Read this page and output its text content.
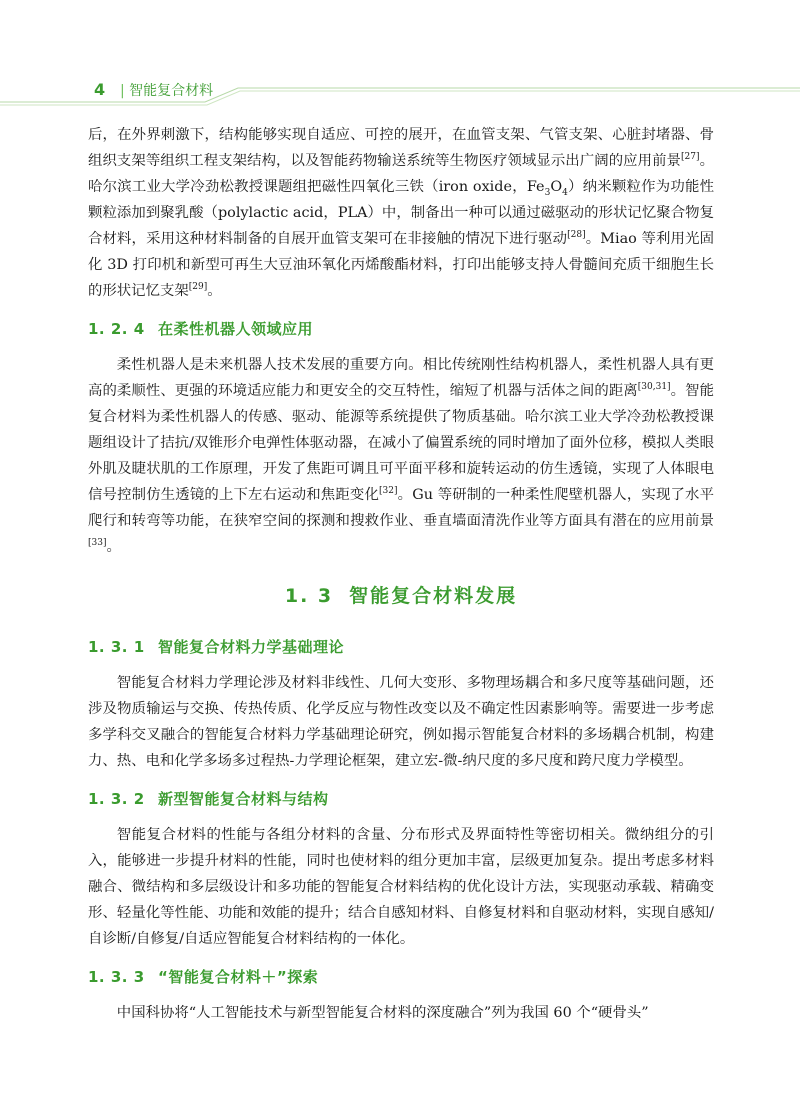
4
|	智能复合材料

后，在外界刺激下，结构能够实现自适应、可控的展开，在血管支架、气管支架、心脏封堵器、骨组织支架等组织工程支架结构，以及智能药物输送系统等生物医疗领域显示出广阔的应用前景[27]。哈尔滨工业大学冷劲松教授课题组把磁性四氧化三铁（iron oxide，$Fe_3O_4$）纳米颗粒作为功能性颗粒添加到聚乳酸（polylactic acid，PLA）中，制备出一种可以通过磁驱动的形状记忆聚合物复合材料，采用这种材料制备的自展开血管支架可在非接触的情况下进行驱动[28]。Miao 等利用光固化 3D 打印机和新型可再生大豆油环氧化丙烯酸酯材料，打印出能够支持人骨髓间充质干细胞生长的形状记忆支架[29]。

1. 2. 4 在柔性机器人领域应用

柔性机器人是未来机器人技术发展的重要方向。相比传统刚性结构机器人，柔性机器人具有更高的柔顺性、更强的环境适应能力和更安全的交互特性，缩短了机器与活体之间的距离[30,31]。智能复合材料为柔性机器人的传感、驱动、能源等系统提供了物质基础。哈尔滨工业大学冷劲松教授课题组设计了拮抗/双锥形介电弹性体驱动器，在减小了偏置系统的同时增加了面外位移，模拟人类眼外肌及睫状肌的工作原理，开发了焦距可调且可平面平移和旋转运动的仿生透镜，实现了人体眼电信号控制仿生透镜的上下左右运动和焦距变化[32]。Gu 等研制的一种柔性爬壁机器人，实现了水平爬行和转弯等功能，在狭窄空间的探测和搜救作业、垂直墙面清洗作业等方面具有潜在的应用前景[33]。

1. 3 智能复合材料发展
1. 3. 1 智能复合材料力学基础理论

智能复合材料力学理论涉及材料非线性、几何大变形、多物理场耦合和多尺度等基础问题，还涉及物质输运与交换、传热传质、化学反应与物性改变以及不确定性因素影响等。需要进一步考虑多学科交叉融合的智能复合材料力学基础理论研究，例如揭示智能复合材料的多场耦合机制，构建力、热、电和化学多场多过程热-力学理论框架，建立宏-微-纳尺度的多尺度和跨尺度力学模型。

1. 3. 2 新型智能复合材料与结构

智能复合材料的性能与各组分材料的含量、分布形式及界面特性等密切相关。微纳组分的引入，能够进一步提升材料的性能，同时也使材料的组分更加丰富，层级更加复杂。提出考虑多材料融合、微结构和多层级设计和多功能的智能复合材料结构的优化设计方法，实现驱动承载、精确变形、轻量化等性能、功能和效能的提升；结合自感知材料、自修复材料和自驱动材料，实现自感知/自诊断/自修复/自适应智能复合材料结构的一体化。

1. 3. 3 “智能复合材料＋”探索

中国科协将“人工智能技术与新型智能复合材料的深度融合”列为我国 60 个“硬骨头”
